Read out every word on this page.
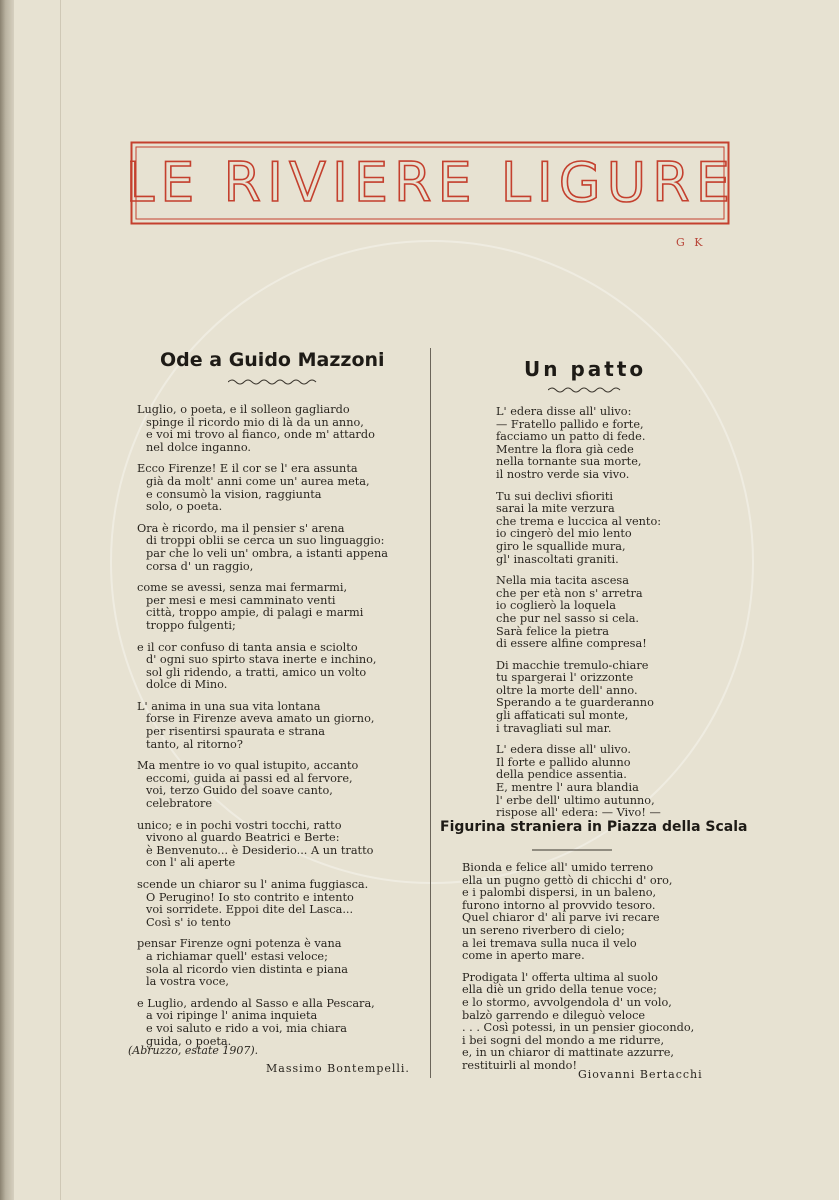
LE RIVIERE LIGURE
G K
Ode a Guido Mazzoni
Luglio, o poeta, e il solleon gagliardo
spinge il ricordo mio di là da un anno,
e voi mi trovo al fianco, onde m' attardo
nel dolce inganno.
Ecco Firenze! E il cor se l' era assunta
già da molt' anni come un' aurea meta,
e consumò la vision, raggiunta
solo, o poeta.
Ora è ricordo, ma il pensier s' arena
di troppi oblii se cerca un suo linguaggio:
par che lo veli un' ombra, a istanti appena
corsa d' un raggio,
come se avessi, senza mai fermarmi,
per mesi e mesi camminato venti
città, troppo ampie, di palagi e marmi
troppo fulgenti;
e il cor confuso di tanta ansia e sciolto
d' ogni suo spirto stava inerte e inchino,
sol gli ridendo, a tratti, amico un volto
dolce di Mino.
L' anima in una sua vita lontana
forse in Firenze aveva amato un giorno,
per risentirsi spaurata e strana
tanto, al ritorno?
Ma mentre io vo qual istupito, accanto
eccomi, guida ai passi ed al fervore,
voi, terzo Guido del soave canto,
celebratore
unico; e in pochi vostri tocchi, ratto
vivono al guardo Beatrici e Berte:
è Benvenuto... è Desiderio... A un tratto
con l' ali aperte
scende un chiaror su l' anima fuggiasca.
O Perugino! Io sto contrito e intento
voi sorridete. Eppoi dite del Lasca...
Così s' io tento
pensar Firenze ogni potenza è vana
a richiamar quell' estasi veloce;
sola al ricordo vien distinta e piana
la vostra voce,
e Luglio, ardendo al Sasso e alla Pescara,
a voi ripinge l' anima inquieta
e voi saluto e rido a voi, mia chiara
guida, o poeta.
(Abruzzo, estate 1907).
Massimo Bontempelli.
Un patto
L' edera disse all' ulivo:
— Fratello pallido e forte,
facciamo un patto di fede.
Mentre la flora già cede
nella tornante sua morte,
il nostro verde sia vivo.
Tu sui declivi sfioriti
sarai la mite verzura
che trema e luccica al vento:
io cingerò del mio lento
giro le squallide mura,
gl' inascoltati graniti.
Nella mia tacita ascesa
che per età non s' arretra
io coglierò la loquela
che pur nel sasso si cela.
Sarà felice la pietra
di essere alfine compresa!
Di macchie tremulo-chiare
tu spargerai l' orizzonte
oltre la morte dell' anno.
Sperando a te guarderanno
gli affaticati sul monte,
i travagliati sul mar.
L' edera disse all' ulivo.
Il forte e pallido alunno
della pendice assentia.
E, mentre l' aura blandia
l' erbe dell' ultimo autunno,
rispose all' edera: — Vivo! —
Figurina straniera in Piazza della Scala
Bionda e felice all' umido terreno
ella un pugno gettò di chicchi d' oro,
e i palombi dispersi, in un baleno,
furono intorno al provvido tesoro.
Quel chiaror d' ali parve ivi recare
un sereno riverbero di cielo;
a lei tremava sulla nuca il velo
come in aperto mare.
Prodigata l' offerta ultima al suolo
ella diè un grido della tenue voce;
e lo stormo, avvolgendola d' un volo,
balzò garrendo e dileguò veloce
. . . Così potessi, in un pensier giocondo,
i bei sogni del mondo a me ridurre,
e, in un chiaror di mattinate azzurre,
restituirli al mondo!
Giovanni Bertacchi
